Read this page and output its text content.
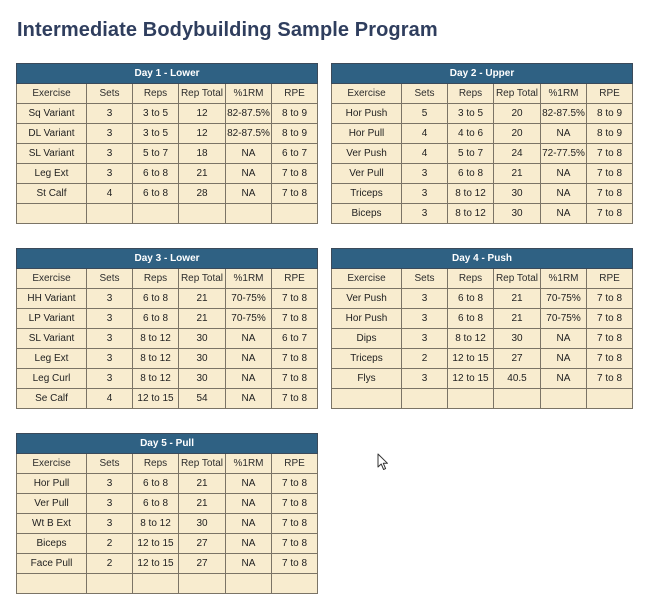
Intermediate Bodybuilding Sample Program
Day 1 - Lower					
Exercise	Sets	Reps	Rep Total	%1RM	RPE
Sq Variant	3	3 to 5	12	82-87.5%	8 to 9
DL Variant	3	3 to 5	12	82-87.5%	8 to 9
SL Variant	3	5 to 7	18	NA	6 to 7
Leg Ext	3	6 to 8	21	NA	7 to 8
St Calf	4	6 to 8	28	NA	7 to 8

Day 2 - Upper					
Exercise	Sets	Reps	Rep Total	%1RM	RPE
Hor Push	5	3 to 5	20	82-87.5%	8 to 9
Hor Pull	4	4 to 6	20	NA	8 to 9
Ver Push	4	5 to 7	24	72-77.5%	7 to 8
Ver Pull	3	6 to 8	21	NA	7 to 8
Triceps	3	8 to 12	30	NA	7 to 8
Biceps	3	8 to 12	30	NA	7 to 8
Day 3 - Lower					
Exercise	Sets	Reps	Rep Total	%1RM	RPE
HH Variant	3	6 to 8	21	70-75%	7 to 8
LP Variant	3	6 to 8	21	70-75%	7 to 8
SL Variant	3	8 to 12	30	NA	6 to 7
Leg Ext	3	8 to 12	30	NA	7 to 8
Leg Curl	3	8 to 12	30	NA	7 to 8
Se Calf	4	12 to 15	54	NA	7 to 8
Day 4 - Push					
Exercise	Sets	Reps	Rep Total	%1RM	RPE
Ver Push	3	6 to 8	21	70-75%	7 to 8
Hor Push	3	6 to 8	21	70-75%	7 to 8
Dips	3	8 to 12	30	NA	7 to 8
Triceps	2	12 to 15	27	NA	7 to 8
Flys	3	12 to 15	40.5	NA	7 to 8

Day 5 - Pull					
Exercise	Sets	Reps	Rep Total	%1RM	RPE
Hor Pull	3	6 to 8	21	NA	7 to 8
Ver Pull	3	6 to 8	21	NA	7 to 8
Wt B Ext	3	8 to 12	30	NA	7 to 8
Biceps	2	12 to 15	27	NA	7 to 8
Face Pull	2	12 to 15	27	NA	7 to 8
